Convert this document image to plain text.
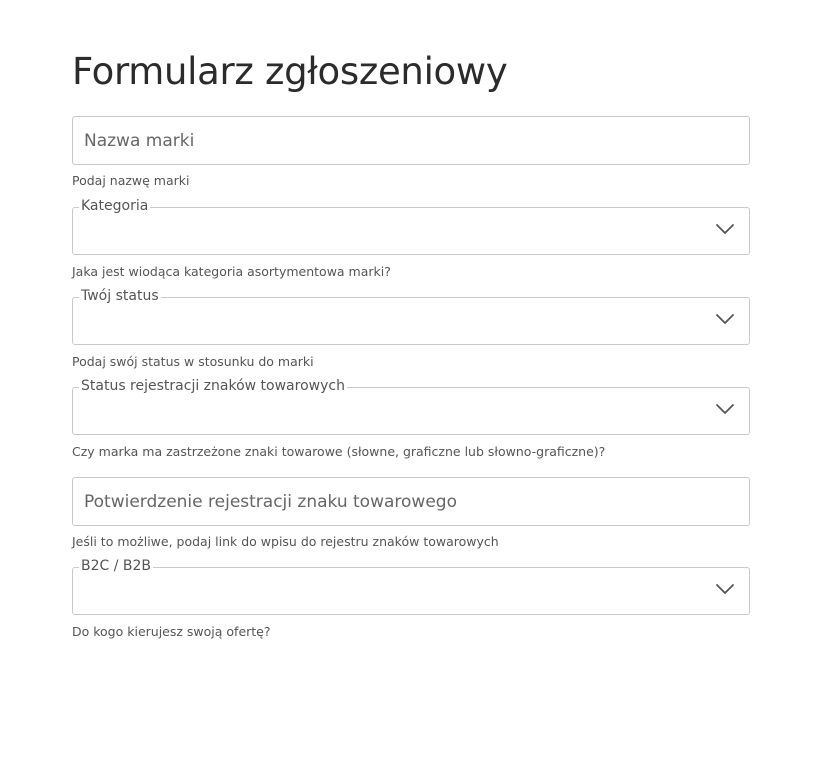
Formularz zgłoszeniowy
Nazwa marki
Podaj nazwę marki
Kategoria
Jaka jest wiodąca kategoria asortymentowa marki?
Twój status
Podaj swój status w stosunku do marki
Status rejestracji znaków towarowych
Czy marka ma zastrzeżone znaki towarowe (słowne, graficzne lub słowno-graficzne)?
Potwierdzenie rejestracji znaku towarowego
Jeśli to możliwe, podaj link do wpisu do rejestru znaków towarowych
B2C / B2B
Do kogo kierujesz swoją ofertę?
